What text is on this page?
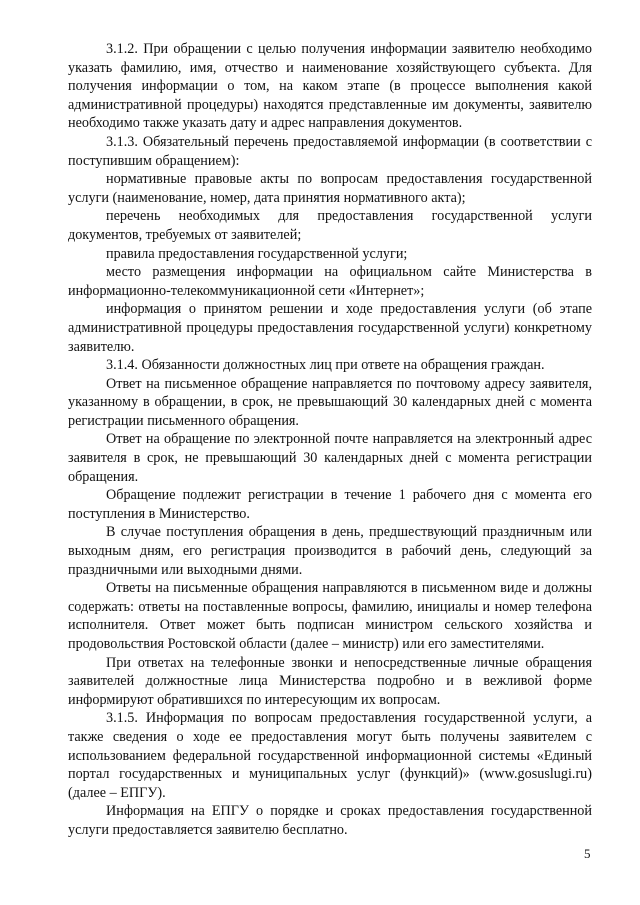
3.1.2. При обращении с целью получения информации заявителю необходимо указать фамилию, имя, отчество и наименование хозяйствующего субъекта. Для получения информации о том, на каком этапе (в процессе выполнения какой административной процедуры) находятся представленные им документы, заявителю необходимо также указать дату и адрес направления документов.

3.1.3. Обязательный перечень предоставляемой информации (в соответствии с поступившим обращением):

нормативные правовые акты по вопросам предоставления государственной услуги (наименование, номер, дата принятия нормативного акта);

перечень необходимых для предоставления государственной услуги документов, требуемых от заявителей;

правила предоставления государственной услуги;

место размещения информации на официальном сайте Министерства в информационно-телекоммуникационной сети «Интернет»;

информация о принятом решении и ходе предоставления услуги (об этапе административной процедуры предоставления государственной услуги) конкретному заявителю.

3.1.4. Обязанности должностных лиц при ответе на обращения граждан.

Ответ на письменное обращение направляется по почтовому адресу заявителя, указанному в обращении, в срок, не превышающий 30 календарных дней с момента регистрации письменного обращения.

Ответ на обращение по электронной почте направляется на электронный адрес заявителя в срок, не превышающий 30 календарных дней с момента регистрации обращения.

Обращение подлежит регистрации в течение 1 рабочего дня с момента его поступления в Министерство.

В случае поступления обращения в день, предшествующий праздничным или выходным дням, его регистрация производится в рабочий день, следующий за праздничными или выходными днями.

Ответы на письменные обращения направляются в письменном виде и должны содержать: ответы на поставленные вопросы, фамилию, инициалы и номер телефона исполнителя. Ответ может быть подписан министром сельского хозяйства и продовольствия Ростовской области (далее – министр) или его заместителями.

При ответах на телефонные звонки и непосредственные личные обращения заявителей должностные лица Министерства подробно и в вежливой форме информируют обратившихся по интересующим их вопросам.

3.1.5. Информация по вопросам предоставления государственной услуги, а также сведения о ходе ее предоставления могут быть получены заявителем с использованием федеральной государственной информационной системы «Единый портал государственных и муниципальных услуг (функций)» (www.gosuslugi.ru) (далее – ЕПГУ).

Информация на ЕПГУ о порядке и сроках предоставления государственной услуги предоставляется заявителю бесплатно.

5
